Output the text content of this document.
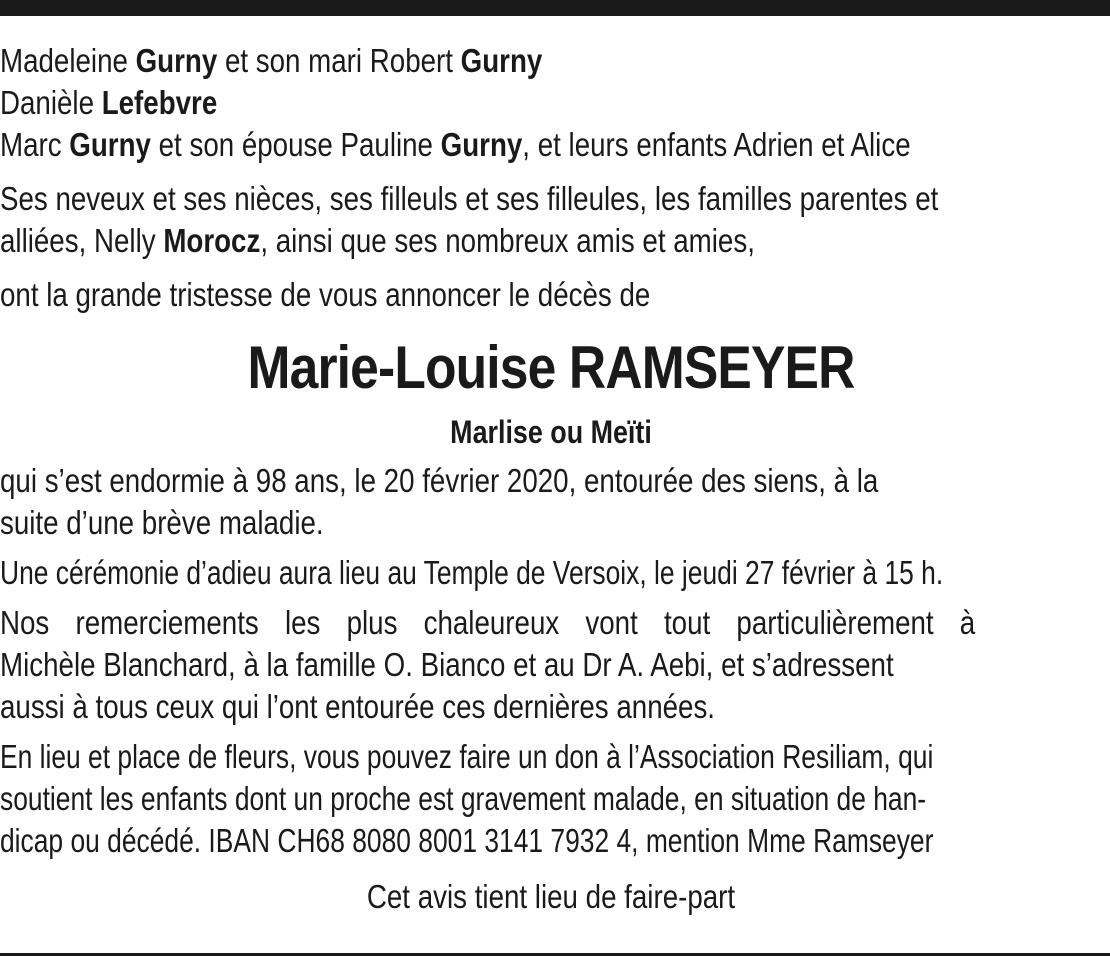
Madeleine Gurny et son mari Robert Gurny
Danièle Lefebvre
Marc Gurny et son épouse Pauline Gurny, et leurs enfants Adrien et Alice
Ses neveux et ses nièces, ses filleuls et ses filleules, les familles parentes et
alliées, Nelly Morocz, ainsi que ses nombreux amis et amies,
ont la grande tristesse de vous annoncer le décès de
Marie-Louise RAMSEYER
Marlise ou Meïti
qui s’est endormie à 98 ans, le 20 février 2020, entourée des siens, à la
suite d’une brève maladie.
Une cérémonie d’adieu aura lieu au Temple de Versoix, le jeudi 27 février à 15 h.
Nos remerciements les plus chaleureux vont tout particulièrement à
Michèle Blanchard, à la famille O. Bianco et au Dr A. Aebi, et s’adressent
aussi à tous ceux qui l’ont entourée ces dernières années.
En lieu et place de fleurs, vous pouvez faire un don à l’Association Resiliam, qui
soutient les enfants dont un proche est gravement malade, en situation de han-
dicap ou décédé. IBAN CH68 8080 8001 3141 7932 4, mention Mme Ramseyer
Cet avis tient lieu de faire-part
